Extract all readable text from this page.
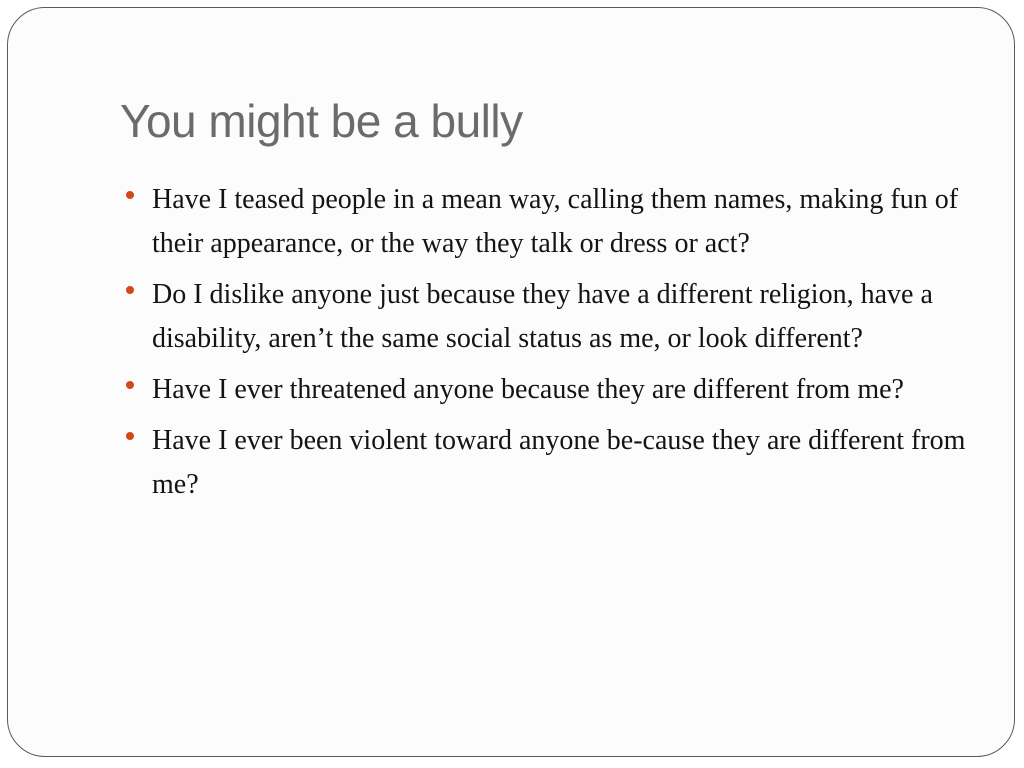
You might be a bully
Have I teased people in a mean way, calling them names, making fun of their appearance, or the way they talk or dress or act?
Do I dislike anyone just because they have a different religion, have a disability, aren’t the same social status as me, or look different?
Have I ever threatened anyone because they are different from me?
Have I ever been violent toward anyone be-cause they are different from me?
